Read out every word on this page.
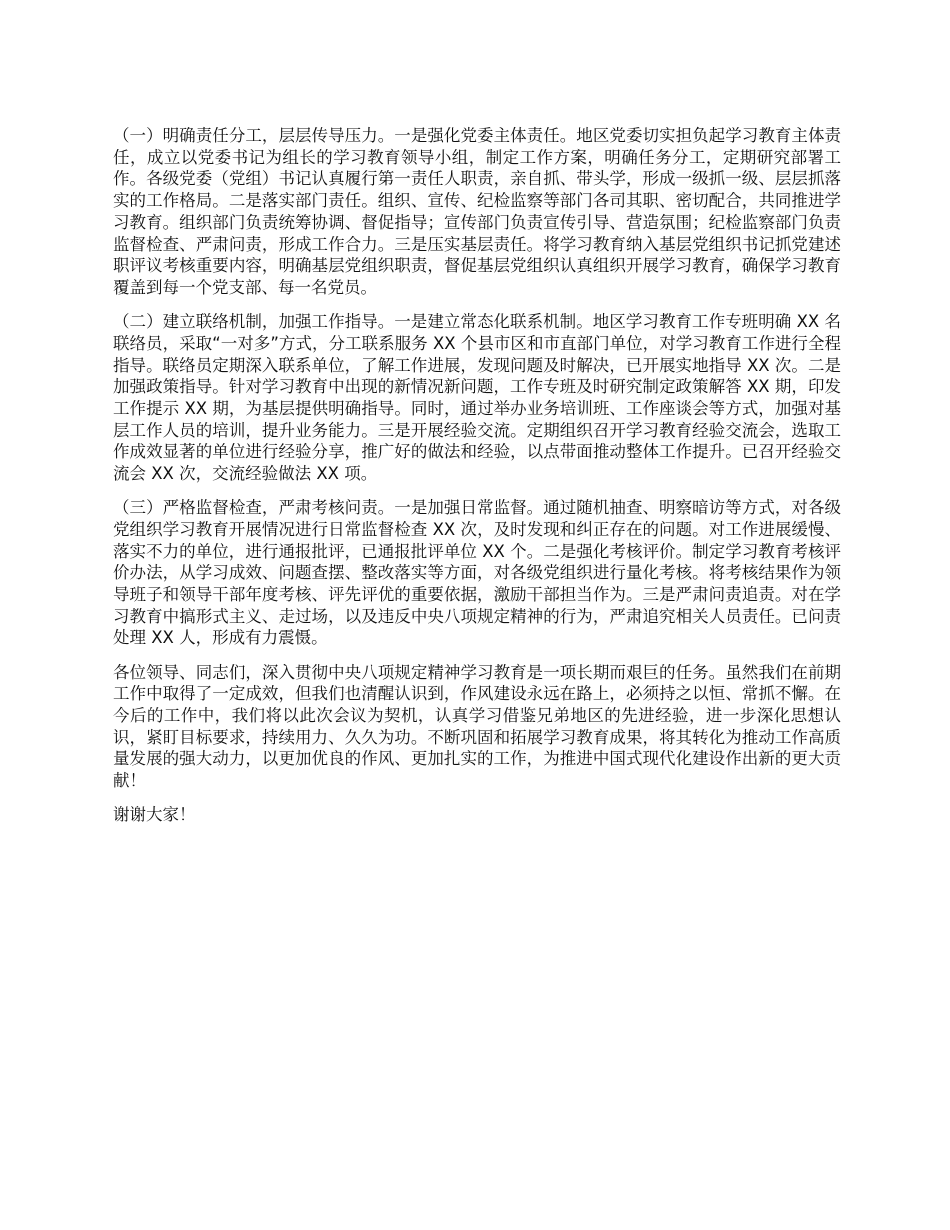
（一）明确责任分工，层层传导压力。一是强化党委主体责任。地区党委切实担负起学习教育主体责任，成立以党委书记为组长的学习教育领导小组，制定工作方案，明确任务分工，定期研究部署工作。各级党委（党组）书记认真履行第一责任人职责，亲自抓、带头学，形成一级抓一级、层层抓落实的工作格局。二是落实部门责任。组织、宣传、纪检监察等部门各司其职、密切配合，共同推进学习教育。组织部门负责统筹协调、督促指导；宣传部门负责宣传引导、营造氛围；纪检监察部门负责监督检查、严肃问责，形成工作合力。三是压实基层责任。将学习教育纳入基层党组织书记抓党建述职评议考核重要内容，明确基层党组织职责，督促基层党组织认真组织开展学习教育，确保学习教育覆盖到每一个党支部、每一名党员。

（二）建立联络机制，加强工作指导。一是建立常态化联系机制。地区学习教育工作专班明确 XX 名联络员，采取“一对多”方式，分工联系服务 XX 个县市区和市直部门单位，对学习教育工作进行全程指导。联络员定期深入联系单位，了解工作进展，发现问题及时解决，已开展实地指导 XX 次。二是加强政策指导。针对学习教育中出现的新情况新问题，工作专班及时研究制定政策解答 XX 期，印发工作提示 XX 期，为基层提供明确指导。同时，通过举办业务培训班、工作座谈会等方式，加强对基层工作人员的培训，提升业务能力。三是开展经验交流。定期组织召开学习教育经验交流会，选取工作成效显著的单位进行经验分享，推广好的做法和经验，以点带面推动整体工作提升。已召开经验交流会 XX 次，交流经验做法 XX 项。

（三）严格监督检查，严肃考核问责。一是加强日常监督。通过随机抽查、明察暗访等方式，对各级党组织学习教育开展情况进行日常监督检查 XX 次，及时发现和纠正存在的问题。对工作进展缓慢、落实不力的单位，进行通报批评，已通报批评单位 XX 个。二是强化考核评价。制定学习教育考核评价办法，从学习成效、问题查摆、整改落实等方面，对各级党组织进行量化考核。将考核结果作为领导班子和领导干部年度考核、评先评优的重要依据，激励干部担当作为。三是严肃问责追责。对在学习教育中搞形式主义、走过场，以及违反中央八项规定精神的行为，严肃追究相关人员责任。已问责处理 XX 人，形成有力震慑。

各位领导、同志们，深入贯彻中央八项规定精神学习教育是一项长期而艰巨的任务。虽然我们在前期工作中取得了一定成效，但我们也清醒认识到，作风建设永远在路上，必须持之以恒、常抓不懈。在今后的工作中，我们将以此次会议为契机，认真学习借鉴兄弟地区的先进经验，进一步深化思想认识，紧盯目标要求，持续用力、久久为功。不断巩固和拓展学习教育成果，将其转化为推动工作高质量发展的强大动力，以更加优良的作风、更加扎实的工作，为推进中国式现代化建设作出新的更大贡献！

谢谢大家！
